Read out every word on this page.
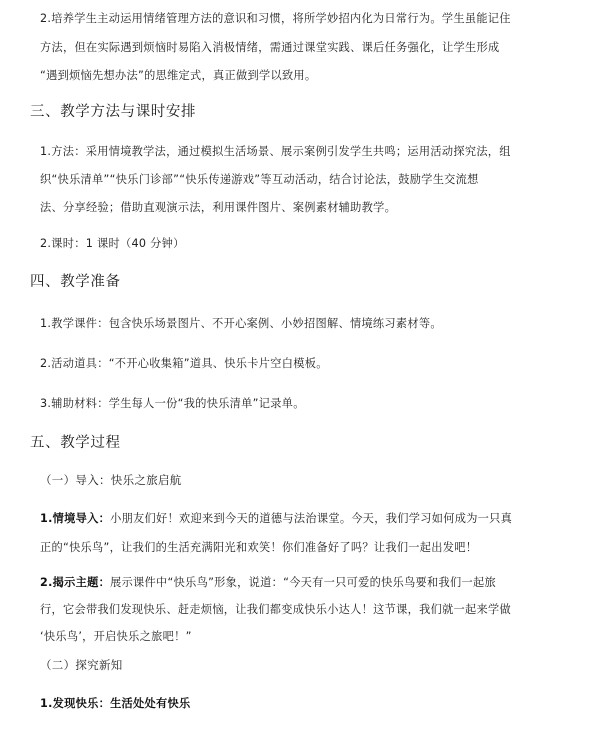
2.培养学生主动运用情绪管理方法的意识和习惯，将所学妙招内化为日常行为。学生虽能记住
方法，但在实际遇到烦恼时易陷入消极情绪，需通过课堂实践、课后任务强化，让学生形成
“遇到烦恼先想办法”的思维定式，真正做到学以致用。
三、教学方法与课时安排
1.方法：采用情境教学法，通过模拟生活场景、展示案例引发学生共鸣；运用活动探究法，组
织“快乐清单”“快乐门诊部”“快乐传递游戏”等互动活动，结合讨论法，鼓励学生交流想
法、分享经验；借助直观演示法，利用课件图片、案例素材辅助教学。
2.课时：1 课时（40 分钟）
四、教学准备
1.教学课件：包含快乐场景图片、不开心案例、小妙招图解、情境练习素材等。
2.活动道具：“不开心收集箱”道具、快乐卡片空白模板。
3.辅助材料：学生每人一份“我的快乐清单”记录单。
五、教学过程
（一）导入：快乐之旅启航
1.情境导入：小朋友们好！欢迎来到今天的道德与法治课堂。今天，我们学习如何成为一只真
正的“快乐鸟”，让我们的生活充满阳光和欢笑！你们准备好了吗？让我们一起出发吧！
2.揭示主题：展示课件中“快乐鸟”形象，说道：“今天有一只可爱的快乐鸟要和我们一起旅
行，它会带我们发现快乐、赶走烦恼，让我们都变成快乐小达人！这节课，我们就一起来学做
‘快乐鸟’，开启快乐之旅吧！”
（二）探究新知
1.发现快乐：生活处处有快乐
